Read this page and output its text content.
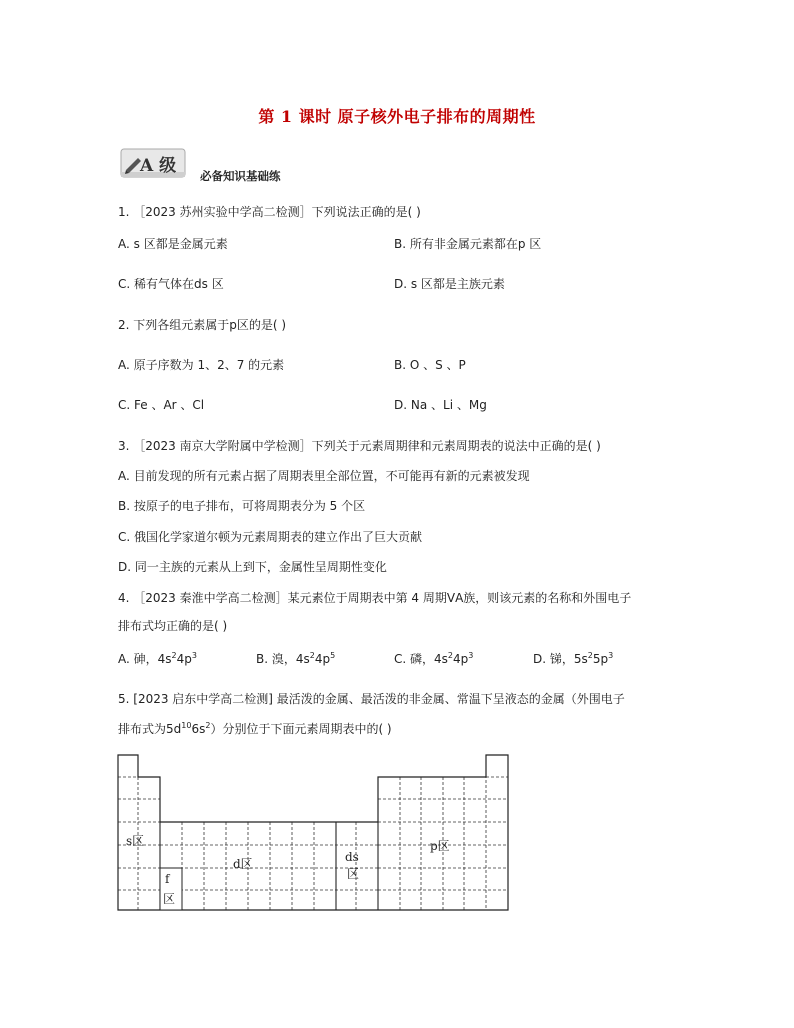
第 1 课时 原子核外电子排布的周期性
A 级 必备知识基础练
1. ［2023 苏州实验中学高二检测］下列说法正确的是( )
A. s 区都是金属元素	B. 所有非金属元素都在p 区
C. 稀有气体在ds 区	D. s 区都是主族元素
2. 下列各组元素属于p区的是( )
A. 原子序数为 1、2、7 的元素	B. O 、S 、P
C. Fe 、Ar 、Cl	D. Na 、Li 、Mg
3. ［2023 南京大学附属中学检测］下列关于元素周期律和元素周期表的说法中正确的是( )
A. 目前发现的所有元素占据了周期表里全部位置，不可能再有新的元素被发现
B. 按原子的电子排布，可将周期表分为 5 个区
C. 俄国化学家道尔顿为元素周期表的建立作出了巨大贡献
D. 同一主族的元素从上到下，金属性呈周期性变化
4. ［2023 秦淮中学高二检测］某元素位于周期表中第 4 周期ⅤA族，则该元素的名称和外围电子
排布式均正确的是( )
A. 砷，$4s^24p^3$	B. 溴，$4s^24p^5$	C. 磷，$4s^24p^3$	D. 锑，$5s^25p^3$
5. [2023 启东中学高二检测] 最活泼的金属、最活泼的非金属、常温下呈液态的金属（外围电子
排布式为$5d^{10}6s^2$）分别位于下面元素周期表中的( )
s区
f
区
d区	ds
区
p区
